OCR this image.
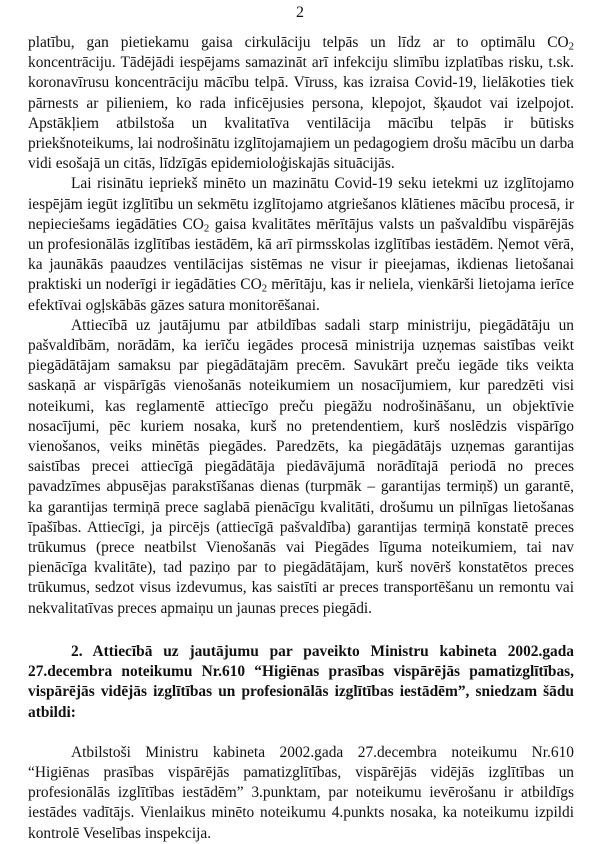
2

platību, gan pietiekamu gaisa cirkulāciju telpās un līdz ar to optimālu $CO_2$ koncentrāciju. Tādējādi iespējams samazināt arī infekciju slimību izplatības risku, t.sk. koronavīrusu koncentrāciju mācību telpā. Vīruss, kas izraisa Covid-19, lielākoties tiek pārnests ar pilieniem, ko rada inficējusies persona, klepojot, šķaudot vai izelpojot. Apstākļiem atbilstoša un kvalitatīva ventilācija mācību telpās ir būtisks priekšnoteikums, lai nodrošinātu izglītojamajiem un pedagogiem drošu mācību un darba vidi esošajā un citās, līdzīgās epidemioloģiskajās situācijās.

Lai risinātu iepriekš minēto un mazinātu Covid-19 seku ietekmi uz izglītojamo iespējām iegūt izglītību un sekmētu izglītojamo atgriešanos klātienes mācību procesā, ir nepieciešams iegādāties $CO_2$ gaisa kvalitātes mērītājus valsts un pašvaldību vispārējās un profesionālās izglītības iestādēm, kā arī pirmsskolas izglītības iestādēm. Ņemot vērā, ka jaunākās paaudzes ventilācijas sistēmas ne visur ir pieejamas, ikdienas lietošanai praktiski un noderīgi ir iegādāties $CO_2$ mērītāju, kas ir neliela, vienkārši lietojama ierīce efektīvai ogļskābās gāzes satura monitorēšanai.

Attiecībā uz jautājumu par atbildības sadali starp ministriju, piegādātāju un pašvaldībām, norādām, ka ierīču iegādes procesā ministrija uzņemas saistības veikt piegādātājam samaksu par piegādātajām precēm. Savukārt preču iegāde tiks veikta saskaņā ar vispārīgās vienošanās noteikumiem un nosacījumiem, kur paredzēti visi noteikumi, kas reglamentē attiecīgo preču piegāžu nodrošināšanu, un objektīvie nosacījumi, pēc kuriem nosaka, kurš no pretendentiem, kurš noslēdzis vispārīgo vienošanos, veiks minētās piegādes. Paredzēts, ka piegādātājs uzņemas garantijas saistības precei attiecīgā piegādātāja piedāvājumā norādītajā periodā no preces pavadzīmes abpusējas parakstīšanas dienas (turpmāk – garantijas termiņš) un garantē, ka garantijas termiņā prece saglabā pienācīgu kvalitāti, drošumu un pilnīgas lietošanas īpašības. Attiecīgi, ja pircējs (attiecīgā pašvaldība) garantijas termiņā konstatē preces trūkumus (prece neatbilst Vienošanās vai Piegādes līguma noteikumiem, tai nav pienācīga kvalitāte), tad paziņo par to piegādātājam, kurš novērš konstatētos preces trūkumus, sedzot visus izdevumus, kas saistīti ar preces transportēšanu un remontu vai nekvalitatīvas preces apmaiņu un jaunas preces piegādi.

2. Attiecībā uz jautājumu par paveikto Ministru kabineta 2002.gada 27.decembra noteikumu Nr.610 “Higiēnas prasības vispārējās pamatizglītības, vispārējās vidējās izglītības un profesionālās izglītības iestādēm”, sniedzam šādu atbildi:

Atbilstoši Ministru kabineta 2002.gada 27.decembra noteikumu Nr.610 “Higiēnas prasības vispārējās pamatizglītības, vispārējās vidējās izglītības un profesionālās izglītības iestādēm” 3.punktam, par noteikumu ievērošanu ir atbildīgs iestādes vadītājs. Vienlaikus minēto noteikumu 4.punkts nosaka, ka noteikumu izpildi kontrolē Veselības inspekcija.
